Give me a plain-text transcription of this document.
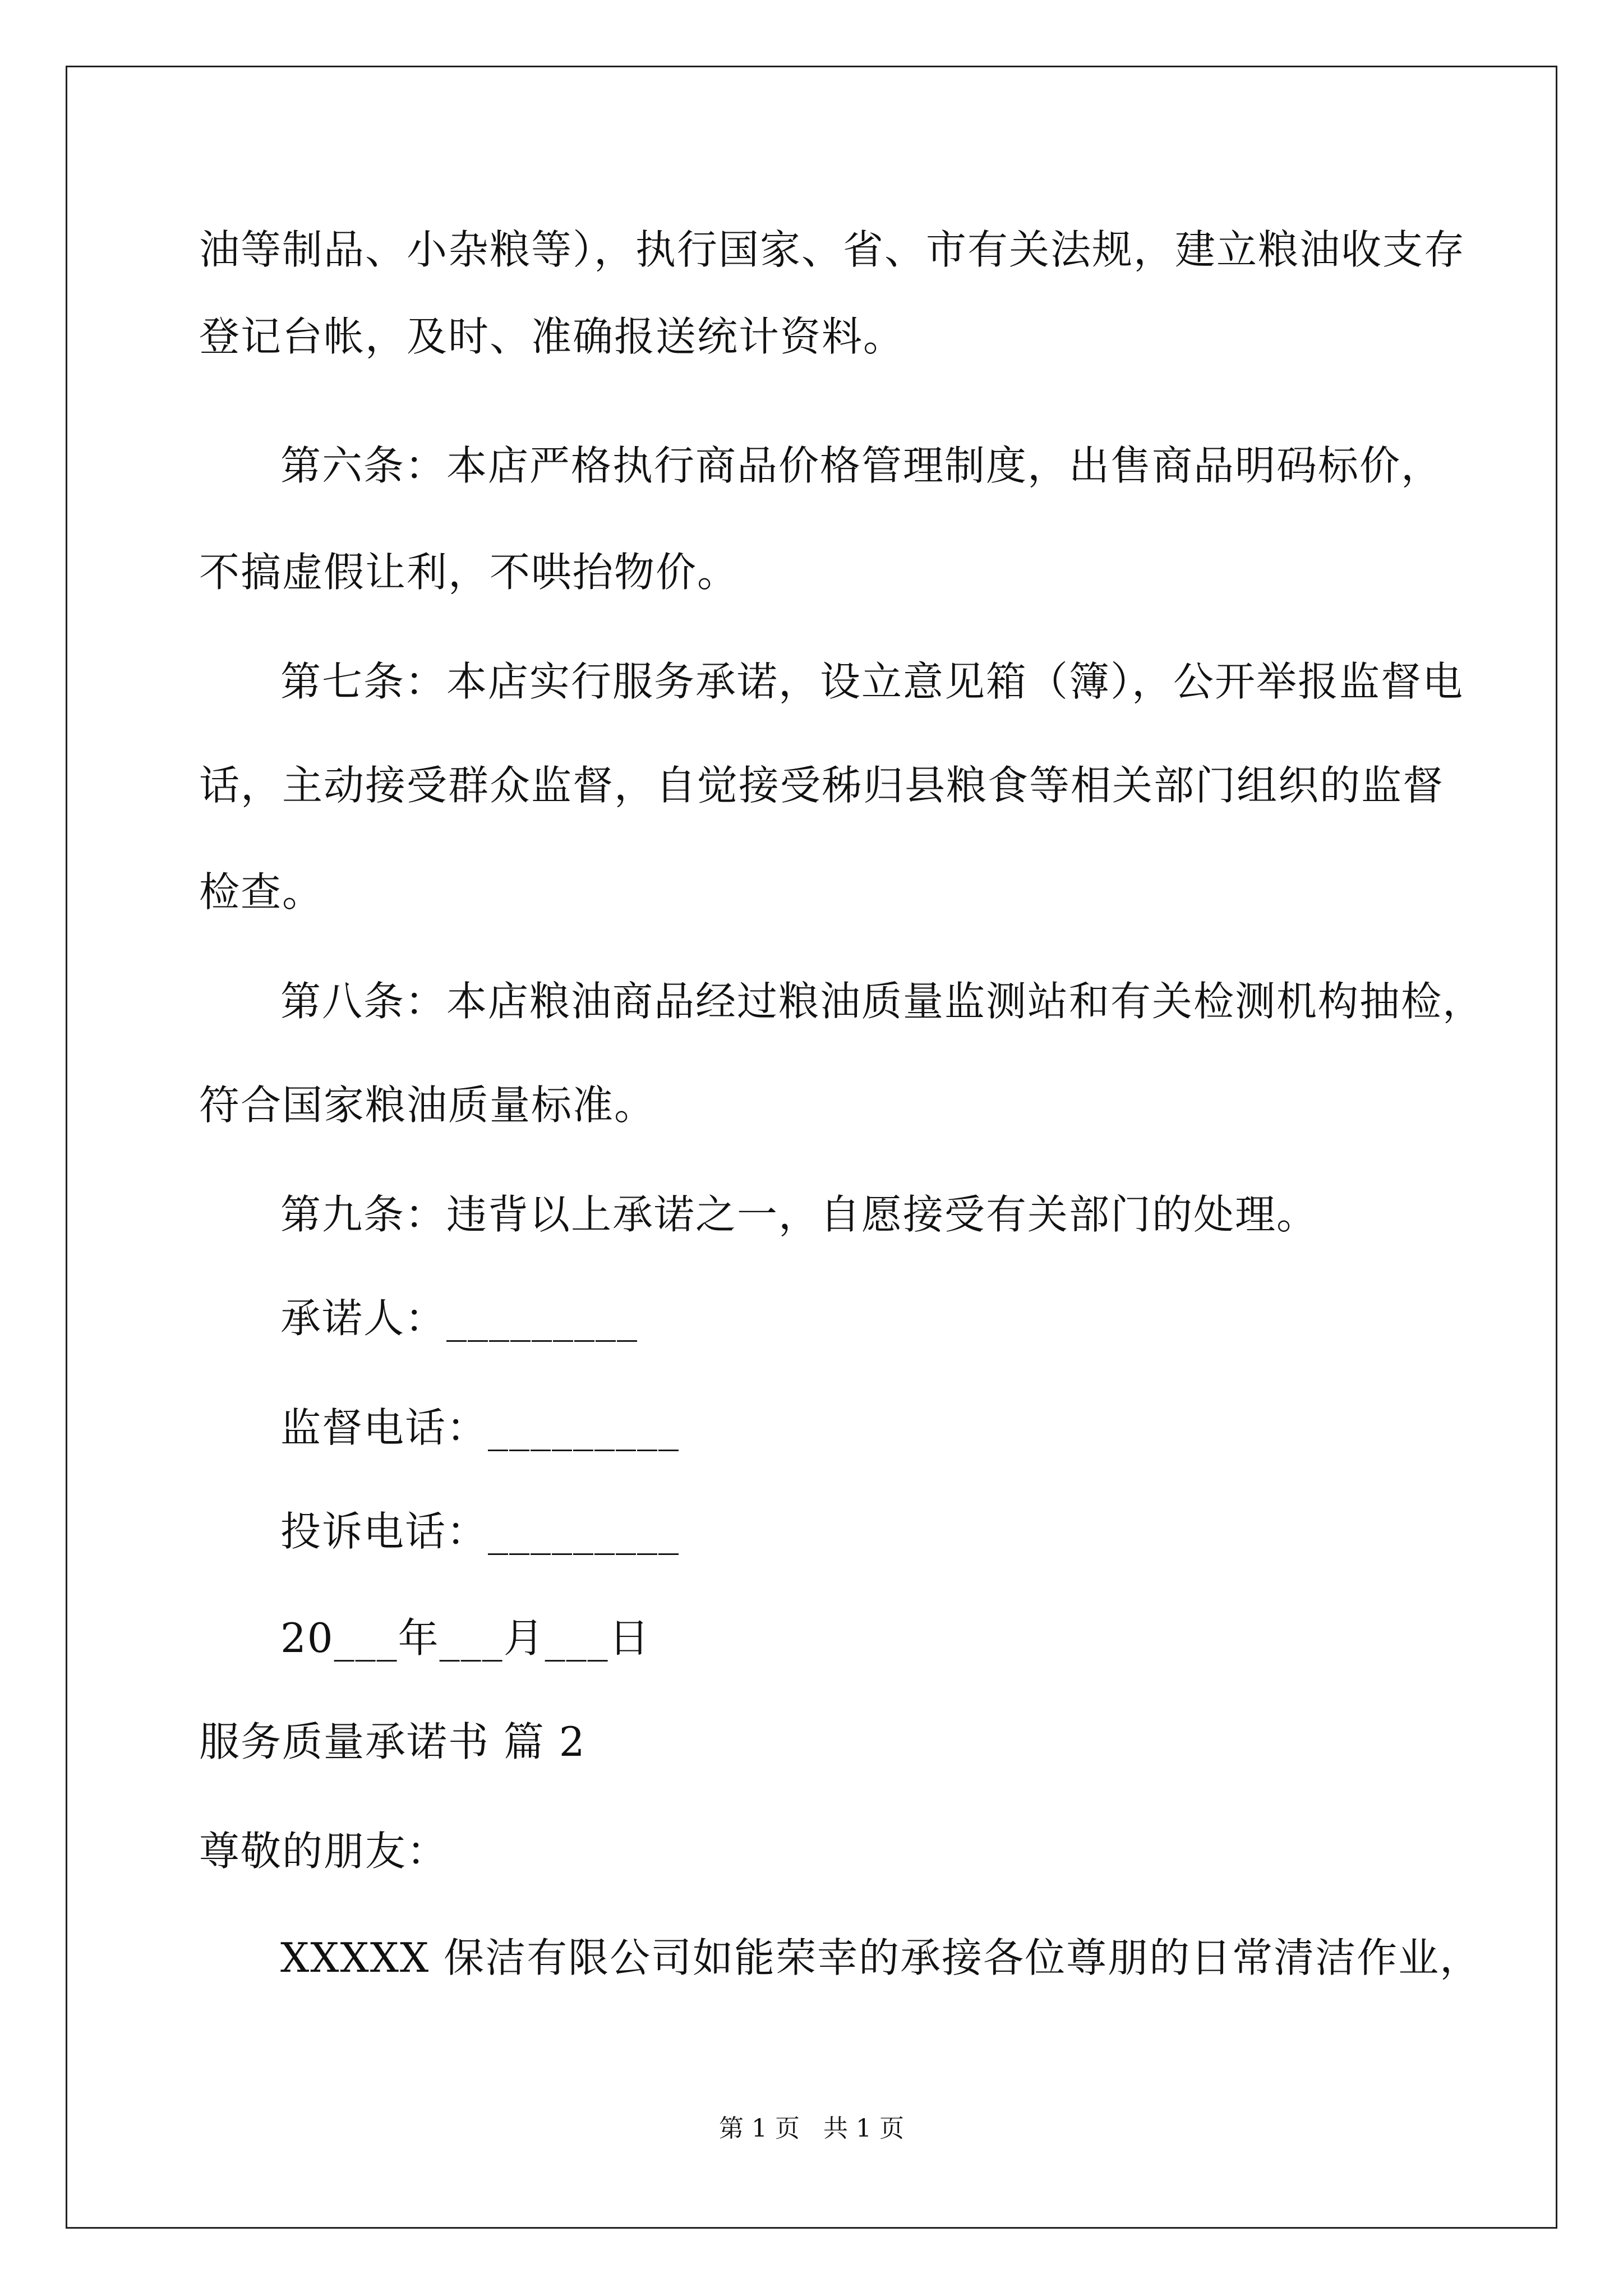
油等制品、小杂粮等），执行国家、省、市有关法规，建立粮油收支存
登记台帐，及时、准确报送统计资料。
第六条：本店严格执行商品价格管理制度，出售商品明码标价，
不搞虚假让利，不哄抬物价。
第七条：本店实行服务承诺，设立意见箱（簿），公开举报监督电
话，主动接受群众监督，自觉接受秭归县粮食等相关部门组织的监督
检查。
第八条：本店粮油商品经过粮油质量监测站和有关检测机构抽检，
符合国家粮油质量标准。
第九条：违背以上承诺之一，自愿接受有关部门的处理。
承诺人：_________
监督电话：_________
投诉电话：_________
20___年___月___日
服务质量承诺书 篇 2
尊敬的朋友：
XXXXX 保洁有限公司如能荣幸的承接各位尊朋的日常清洁作业，
第 1 页   共 1 页
